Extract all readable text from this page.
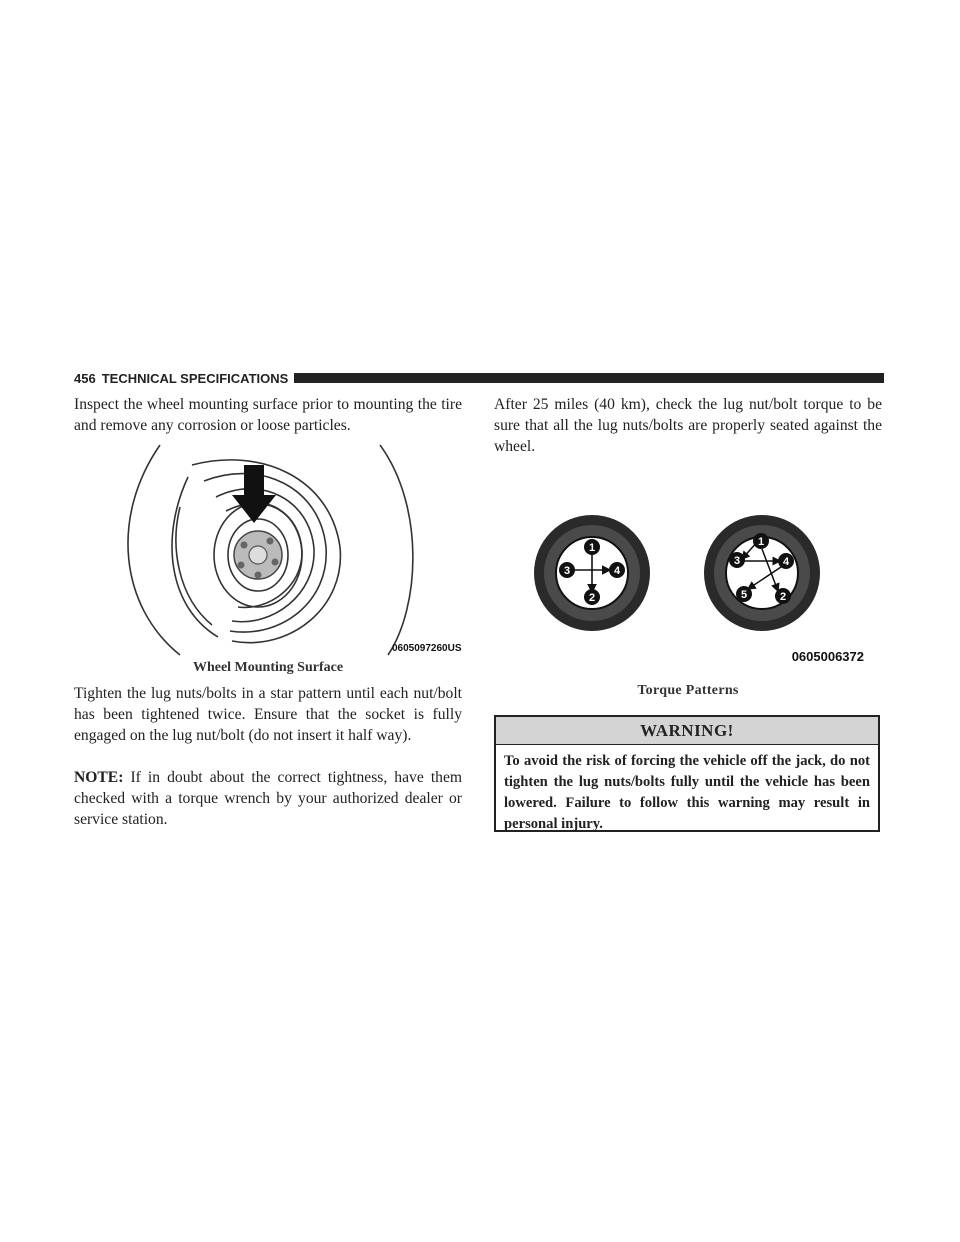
456 TECHNICAL SPECIFICATIONS

Inspect the wheel mounting surface prior to mounting the tire and remove any corrosion or loose particles.

0605097260US
Wheel Mounting Surface

Tighten the lug nuts/bolts in a star pattern until each nut/bolt has been tightened twice. Ensure that the socket is fully engaged on the lug nut/bolt (do not insert it half way).

NOTE: If in doubt about the correct tightness, have them checked with a torque wrench by your authorized dealer or service station.

After 25 miles (40 km), check the lug nut/bolt torque to be sure that all the lug nuts/bolts are properly seated against the wheel.

1
2
3	4
1
2
3	4
5
0605006372
Torque Patterns
WARNING!
To avoid the risk of forcing the vehicle off the jack, do not tighten the lug nuts/bolts fully until the vehicle has been lowered. Failure to follow this warning may result in personal injury.
